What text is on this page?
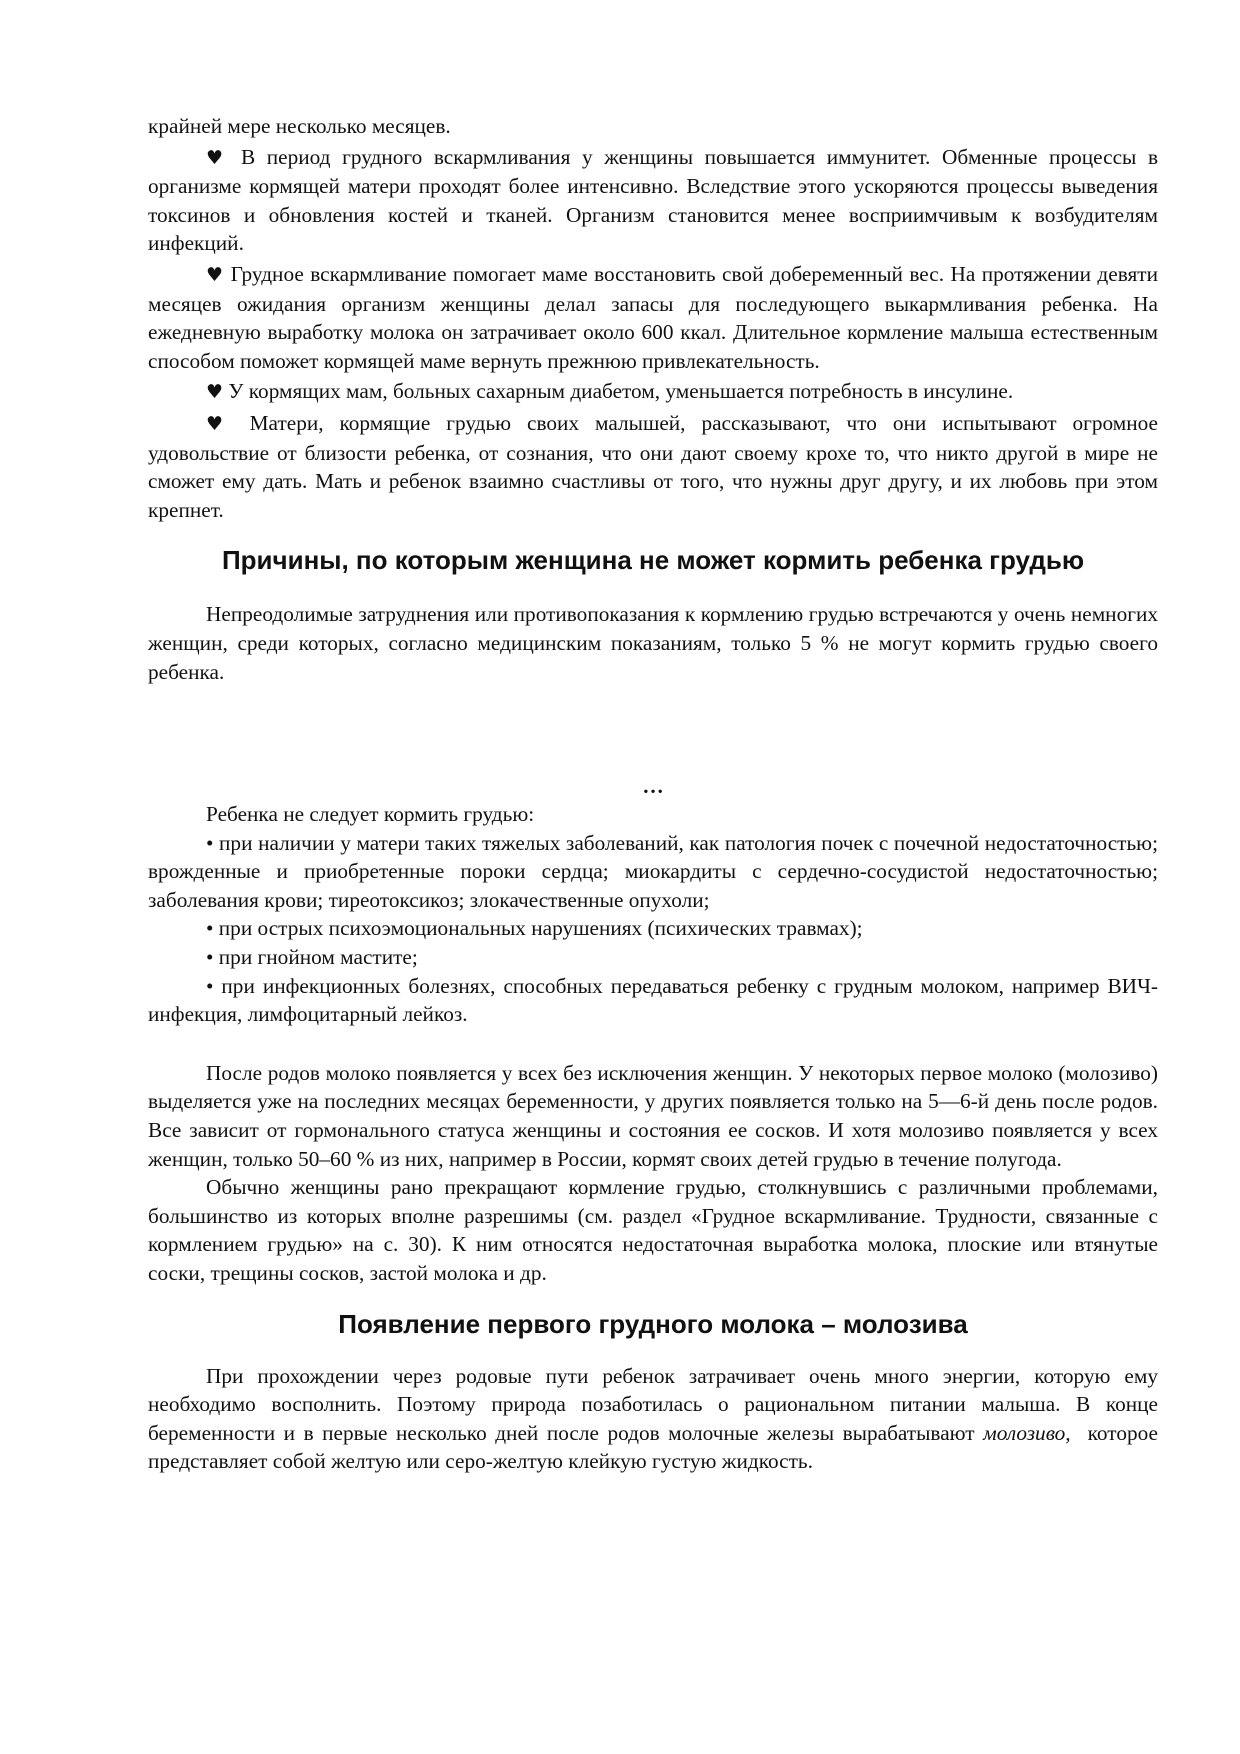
крайней мере несколько месяцев.

♥ В период грудного вскармливания у женщины повышается иммунитет. Обменные процессы в организме кормящей матери проходят более интенсивно. Вследствие этого ускоряются процессы выведения токсинов и обновления костей и тканей. Организм становится менее восприимчивым к возбудителям инфекций.

♥ Грудное вскармливание помогает маме восстановить свой добеременный вес. На протяжении девяти месяцев ожидания организм женщины делал запасы для последующего выкармливания ребенка. На ежедневную выработку молока он затрачивает около 600 ккал. Длительное кормление малыша естественным способом поможет кормящей маме вернуть прежнюю привлекательность.

♥ У кормящих мам, больных сахарным диабетом, уменьшается потребность в инсулине.

♥ Матери, кормящие грудью своих малышей, рассказывают, что они испытывают огромное удовольствие от близости ребенка, от сознания, что они дают своему крохе то, что никто другой в мире не сможет ему дать. Мать и ребенок взаимно счастливы от того, что нужны друг другу, и их любовь при этом крепнет.

Причины, по которым женщина не может кормить ребенка грудью

Непреодолимые затруднения или противопоказания к кормлению грудью встречаются у очень немногих женщин, среди которых, согласно медицинским показаниям, только 5 % не могут кормить грудью своего ребенка.

…

Ребенка не следует кормить грудью:

• при наличии у матери таких тяжелых заболеваний, как патология почек с почечной недостаточностью; врожденные и приобретенные пороки сердца; миокардиты с сердечно-сосудистой недостаточностью; заболевания крови; тиреотоксикоз; злокачественные опухоли;

• при острых психоэмоциональных нарушениях (психических травмах);

• при гнойном мастите;

• при инфекционных болезнях, способных передаваться ребенку с грудным молоком, например ВИЧ-инфекция, лимфоцитарный лейкоз.

После родов молоко появляется у всех без исключения женщин. У некоторых первое молоко (молозиво) выделяется уже на последних месяцах беременности, у других появляется только на 5—6-й день после родов. Все зависит от гормонального статуса женщины и состояния ее сосков. И хотя молозиво появляется у всех женщин, только 50–60 % из них, например в России, кормят своих детей грудью в течение полугода.

Обычно женщины рано прекращают кормление грудью, столкнувшись с различными проблемами, большинство из которых вполне разрешимы (см. раздел «Грудное вскармливание. Трудности, связанные с кормлением грудью» на с. 30). К ним относятся недостаточная выработка молока, плоские или втянутые соски, трещины сосков, застой молока и др.

Появление первого грудного молока – молозива

При прохождении через родовые пути ребенок затрачивает очень много энергии, которую ему необходимо восполнить. Поэтому природа позаботилась о рациональном питании малыша. В конце беременности и в первые несколько дней после родов молочные железы вырабатывают молозиво, которое представляет собой желтую или серо-желтую клейкую густую жидкость.
